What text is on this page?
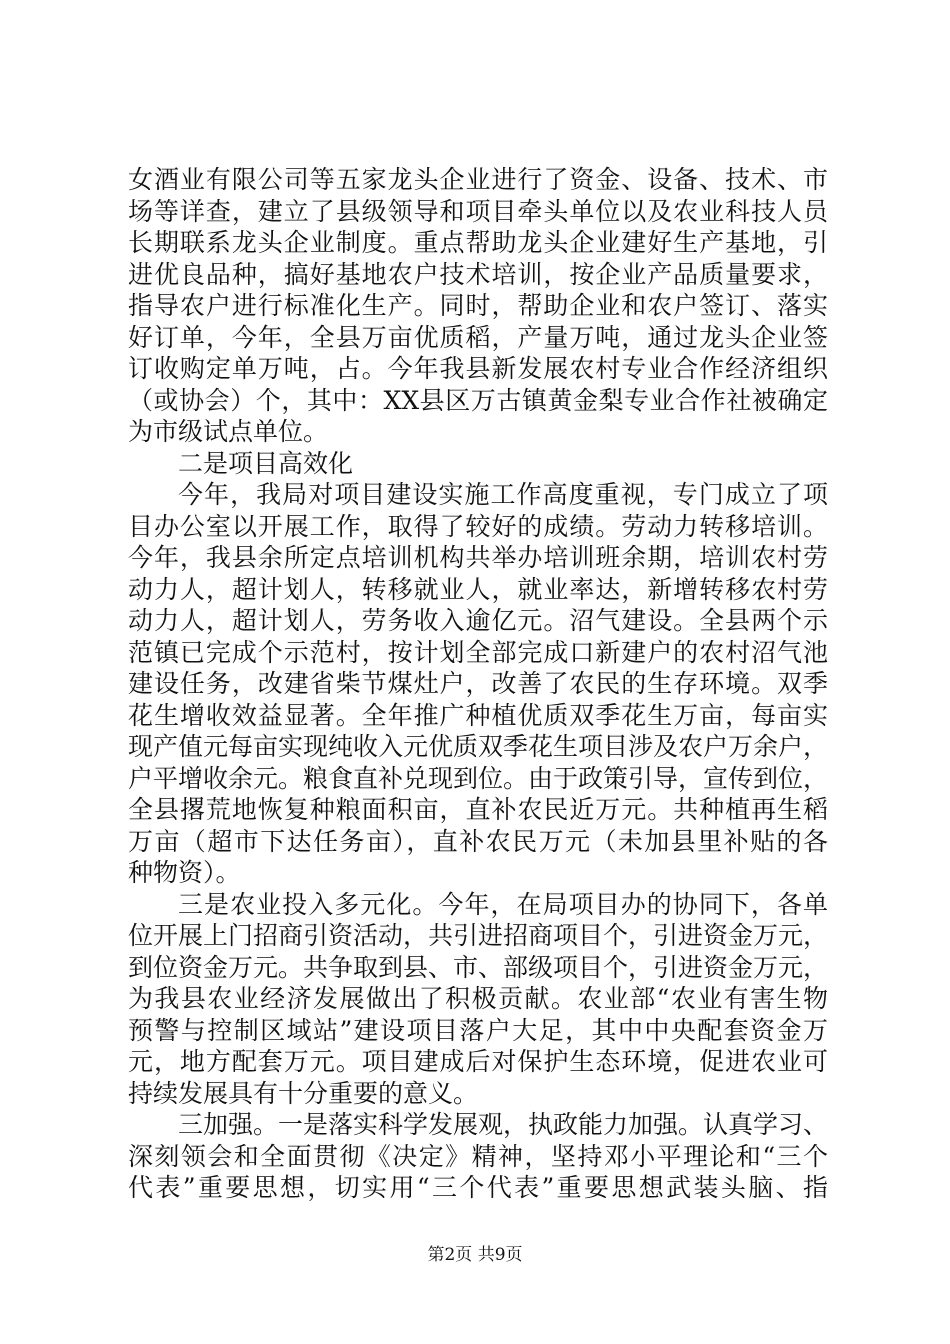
女酒业有限公司等五家龙头企业进行了资金、设备、技术、市
场等详查，建立了县级领导和项目牵头单位以及农业科技人员
长期联系龙头企业制度。重点帮助龙头企业建好生产基地，引
进优良品种，搞好基地农户技术培训，按企业产品质量要求，
指导农户进行标准化生产。同时，帮助企业和农户签订、落实
好订单，今年，全县万亩优质稻，产量万吨，通过龙头企业签
订收购定单万吨，占。今年我县新发展农村专业合作经济组织
（或协会）个，其中：XX县区万古镇黄金梨专业合作社被确定
为市级试点单位。
二是项目高效化
今年，我局对项目建设实施工作高度重视，专门成立了项
目办公室以开展工作，取得了较好的成绩。劳动力转移培训。
今年，我县余所定点培训机构共举办培训班余期，培训农村劳
动力人，超计划人，转移就业人，就业率达，新增转移农村劳
动力人，超计划人，劳务收入逾亿元。沼气建设。全县两个示
范镇已完成个示范村，按计划全部完成口新建户的农村沼气池
建设任务，改建省柴节煤灶户，改善了农民的生存环境。双季
花生增收效益显著。全年推广种植优质双季花生万亩，每亩实
现产值元每亩实现纯收入元优质双季花生项目涉及农户万余户，
户平增收余元。粮食直补兑现到位。由于政策引导，宣传到位，
全县撂荒地恢复种粮面积亩，直补农民近万元。共种植再生稻
万亩（超市下达任务亩），直补农民万元（未加县里补贴的各
种物资）。
三是农业投入多元化。今年，在局项目办的协同下，各单
位开展上门招商引资活动，共引进招商项目个，引进资金万元，
到位资金万元。共争取到县、市、部级项目个，引进资金万元，
为我县农业经济发展做出了积极贡献。农业部“农业有害生物
预警与控制区域站”建设项目落户大足，其中中央配套资金万
元，地方配套万元。项目建成后对保护生态环境，促进农业可
持续发展具有十分重要的意义。
三加强。一是落实科学发展观，执政能力加强。认真学习、
深刻领会和全面贯彻《决定》精神，坚持邓小平理论和“三个
代表”重要思想，切实用“三个代表”重要思想武装头脑、指
第2页 共9页
